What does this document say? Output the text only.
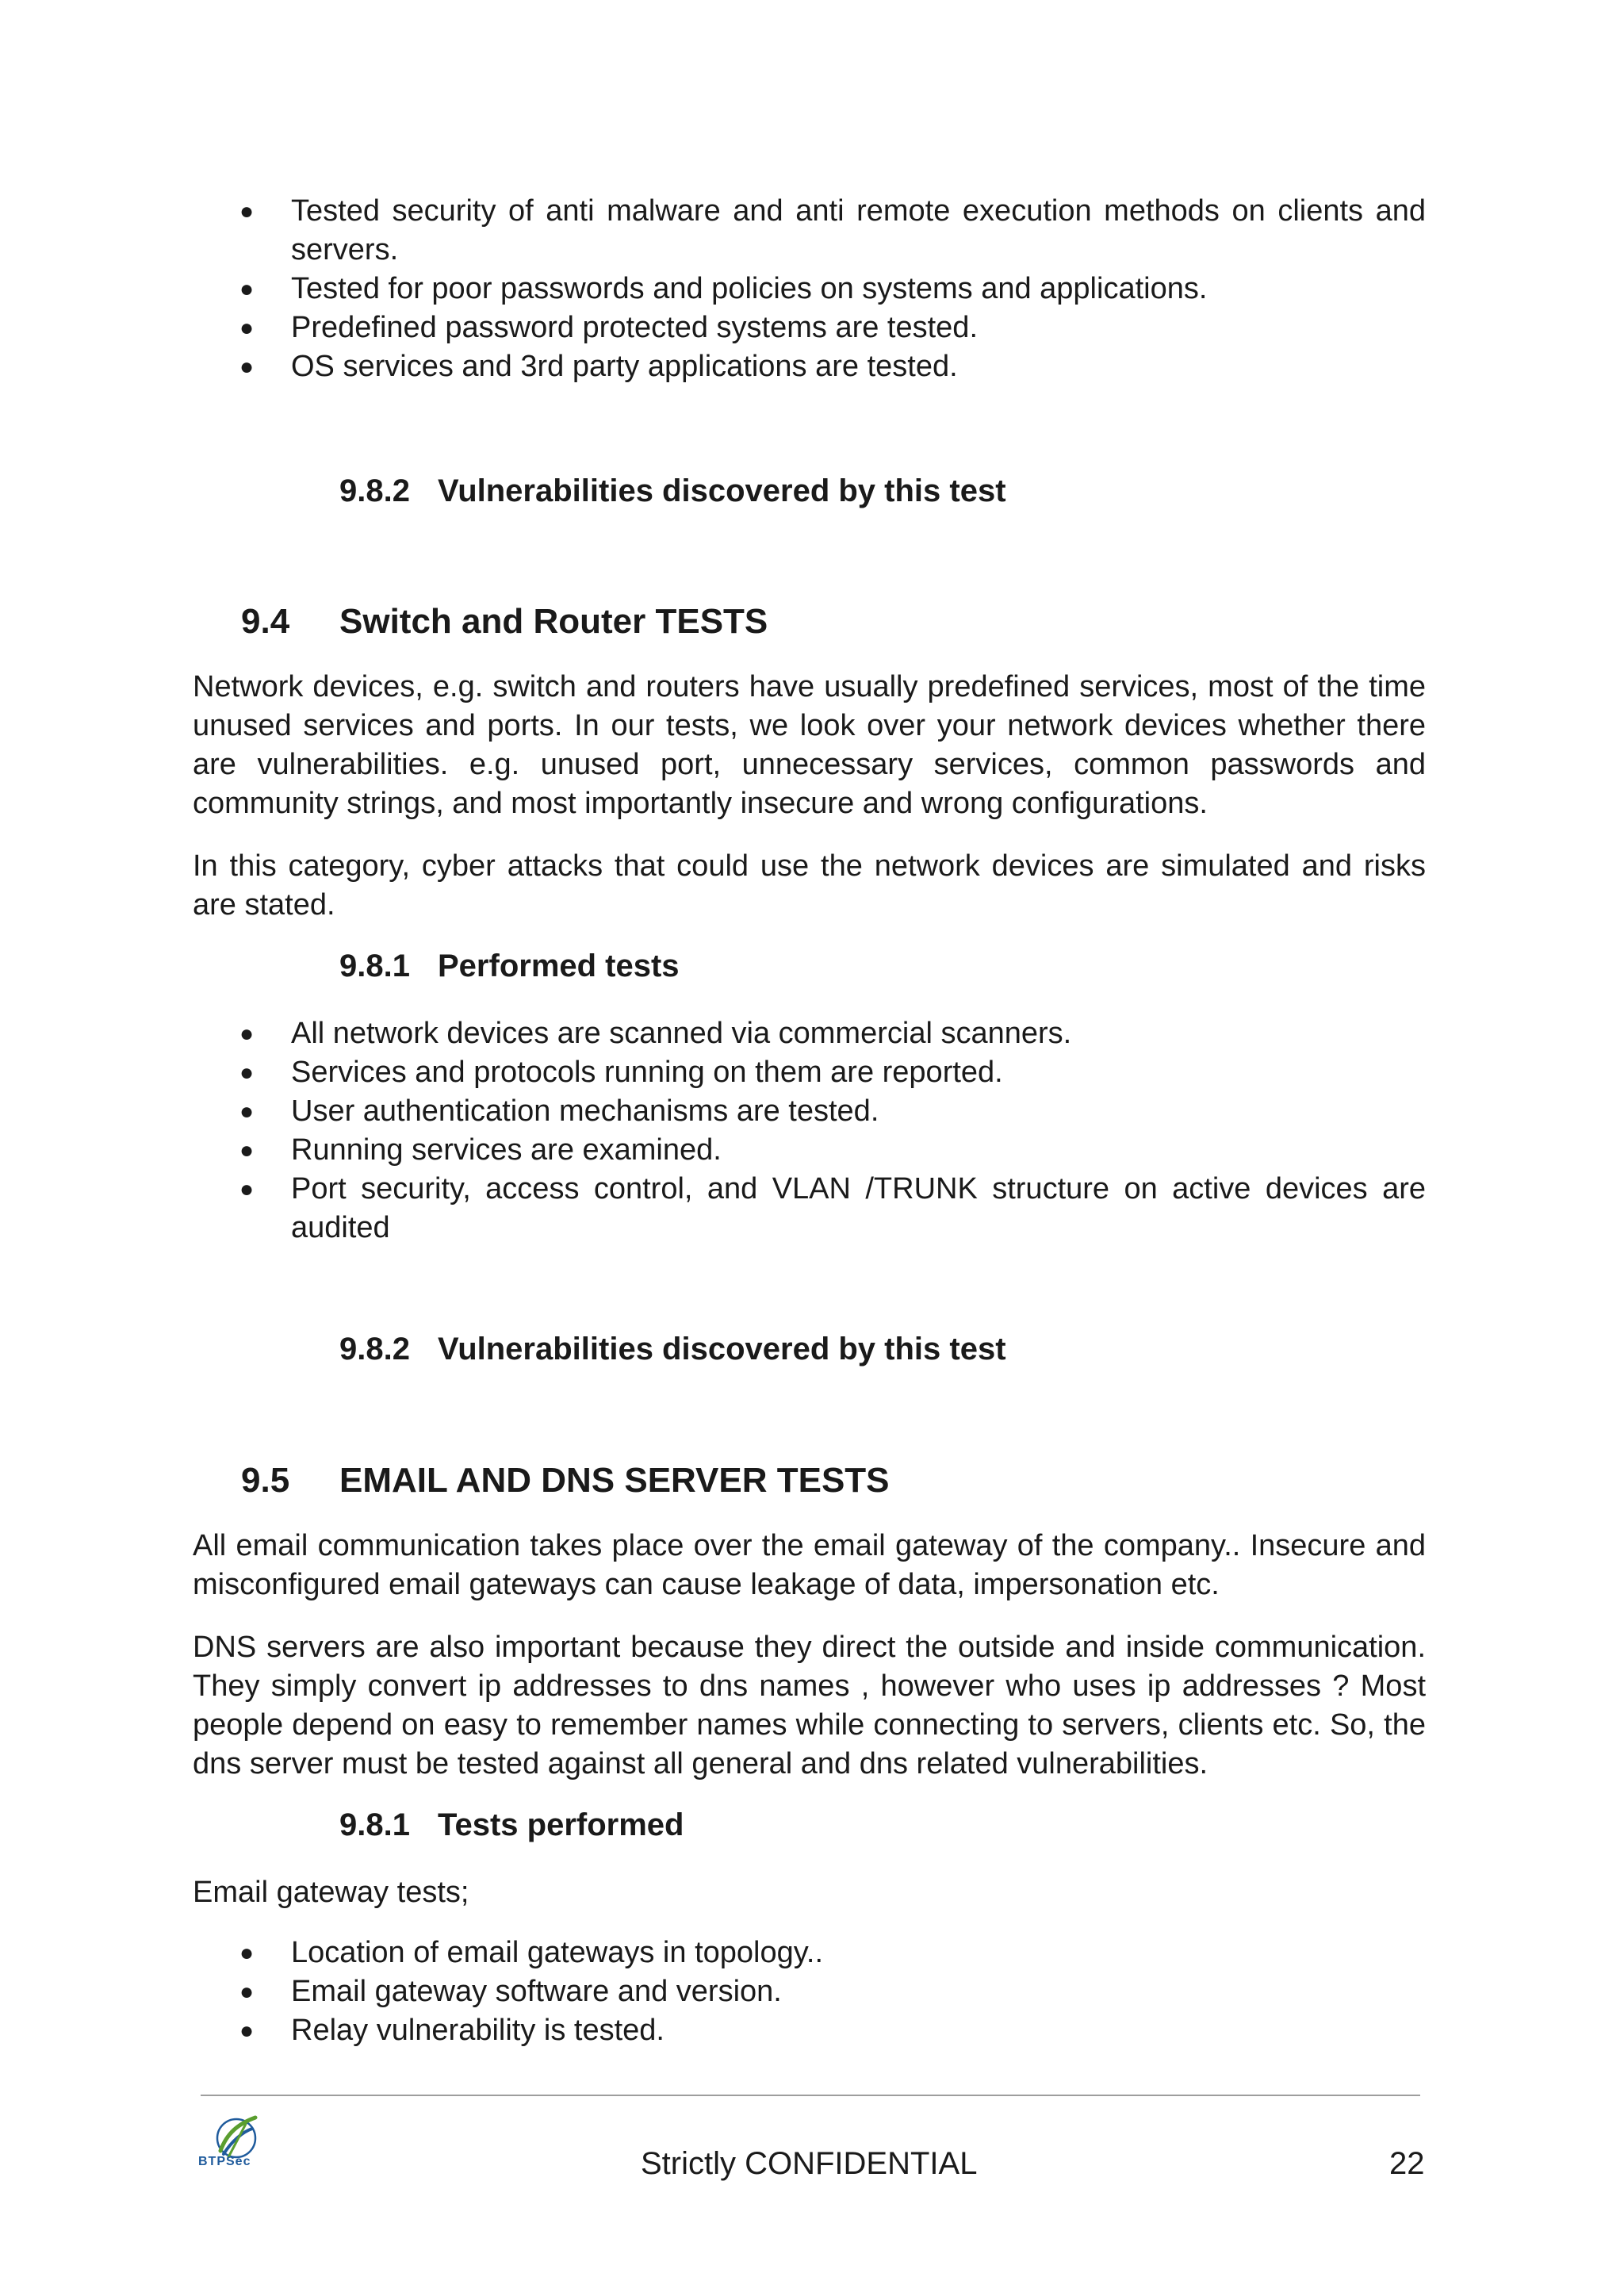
●	Tested security of anti malware and anti remote execution methods on clients and servers.
●	Tested for poor passwords and policies on systems and applications.
●	Predefined password protected systems are tested.
●	OS services and 3rd party applications are tested.
9.8.2 Vulnerabilities discovered by this test
9.4 Switch and Router TESTS

Network devices, e.g. switch and routers have usually predefined services, most of the time unused services and ports. In our tests, we look over your network devices whether there are vulnerabilities. e.g. unused port, unnecessary services, common passwords and community strings, and most importantly insecure and wrong configurations.

In this category, cyber attacks that could use the network devices are simulated and risks are stated.

9.8.1 Performed tests
●	All network devices are scanned via commercial scanners.
●	Services and protocols running on them are reported.
●	User authentication mechanisms are tested.
●	Running services are examined.
●	Port security, access control, and VLAN /TRUNK structure on active devices are audited
9.8.2 Vulnerabilities discovered by this test
9.5 EMAIL AND DNS SERVER TESTS

All email communication takes place over the email gateway of the company.. Insecure and misconfigured email gateways can cause leakage of data, impersonation etc.

DNS servers are also important because they direct the outside and inside communication. They simply convert ip addresses to dns names , however who uses ip addresses ? Most people depend on easy to remember names while connecting to servers, clients etc. So, the dns server must be tested against all general and dns related vulnerabilities.

9.8.1 Tests performed

Email gateway tests;

●	Location of email gateways in topology..
●	Email gateway software and version.
●	Relay vulnerability is tested.
BTPSec	Strictly CONFIDENTIAL	22
